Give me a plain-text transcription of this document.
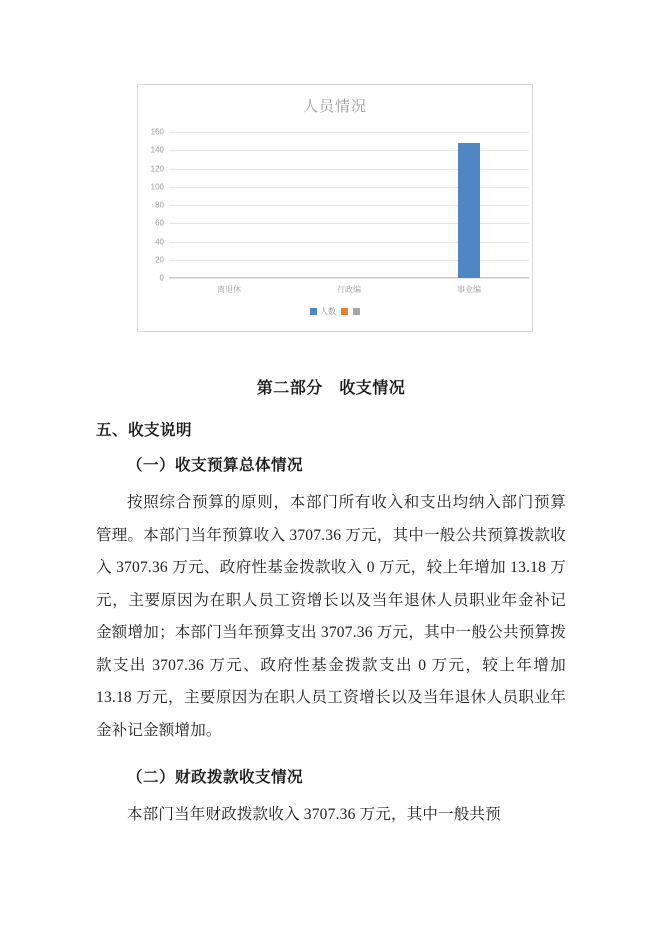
人员情况
160
140
120
100
80
60
40
20
0
离退休	行政编	事业编
人数
第二部分　收支情况
五、收支说明
（一）收支预算总体情况

按照综合预算的原则，本部门所有收入和支出均纳入部门预算管理。本部门当年预算收入 3707.36 万元，其中一般公共预算拨款收入 3707.36 万元、政府性基金拨款收入 0 万元，较上年增加 13.18 万元，主要原因为在职人员工资增长以及当年退休人员职业年金补记金额增加；本部门当年预算支出 3707.36 万元，其中一般公共预算拨款支出 3707.36 万元、政府性基金拨款支出 0 万元，较上年增加 13.18 万元，主要原因为在职人员工资增长以及当年退休人员职业年金补记金额增加。

（二）财政拨款收支情况

本部门当年财政拨款收入 3707.36 万元，其中一般共预
